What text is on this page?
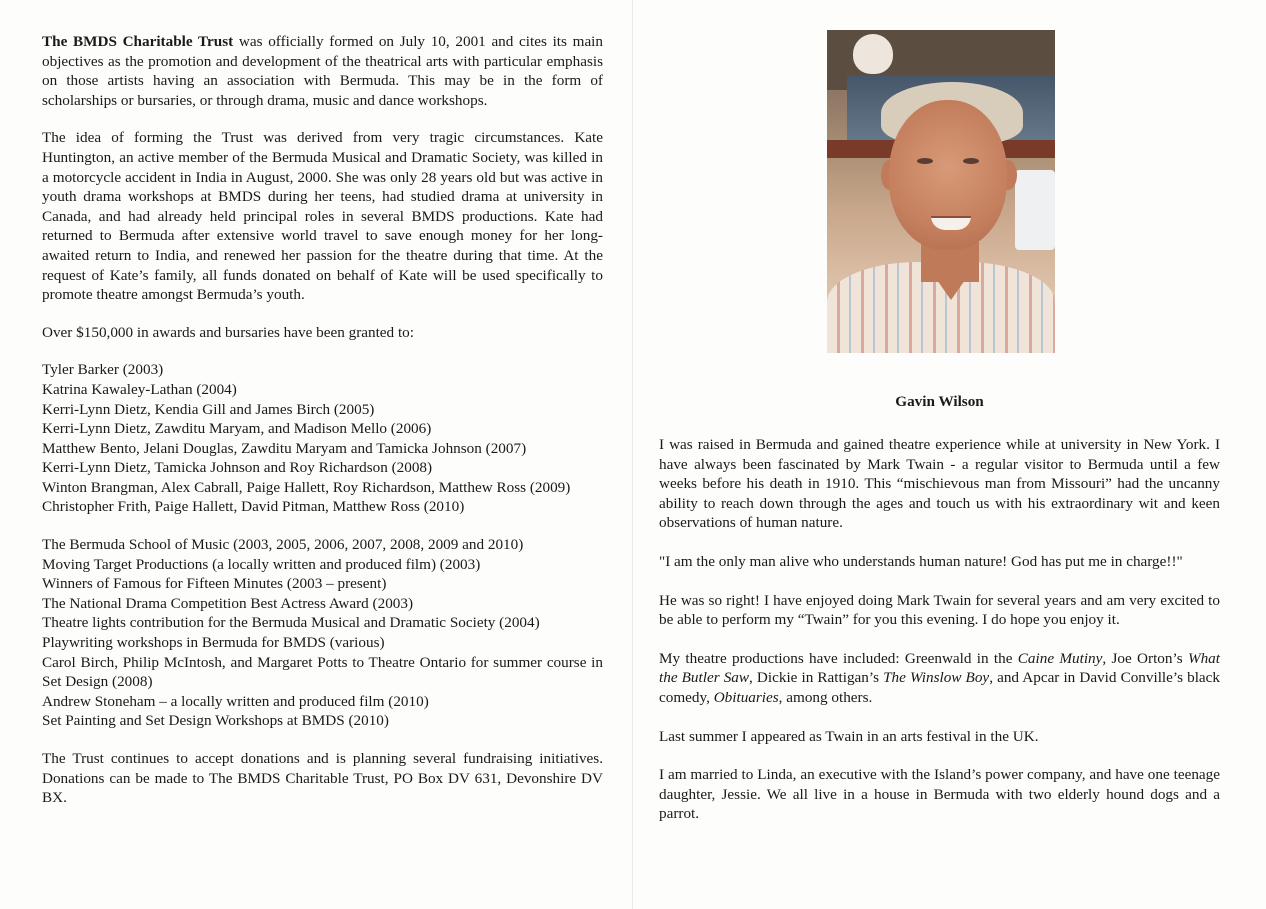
The BMDS Charitable Trust was officially formed on July 10, 2001 and cites its main objectives as the promotion and development of the theatrical arts with particular emphasis on those artists having an association with Bermuda. This may be in the form of scholarships or bursaries, or through drama, music and dance workshops.

The idea of forming the Trust was derived from very tragic circumstances. Kate Huntington, an active member of the Bermuda Musical and Dramatic Society, was killed in a motorcycle accident in India in August, 2000. She was only 28 years old but was active in youth drama workshops at BMDS during her teens, had studied drama at university in Canada, and had already held principal roles in several BMDS productions. Kate had returned to Bermuda after extensive world travel to save enough money for her long-awaited return to India, and renewed her passion for the theatre during that time. At the request of Kate’s family, all funds donated on behalf of Kate will be used specifically to promote theatre amongst Bermuda’s youth.

Over $150,000 in awards and bursaries have been granted to:

Tyler Barker (2003)
Katrina Kawaley-Lathan (2004)
Kerri-Lynn Dietz, Kendia Gill and James Birch (2005)
Kerri-Lynn Dietz, Zawditu Maryam, and Madison Mello (2006)
Matthew Bento, Jelani Douglas, Zawditu Maryam and Tamicka Johnson (2007)
Kerri-Lynn Dietz, Tamicka Johnson and Roy Richardson (2008)
Winton Brangman, Alex Cabrall, Paige Hallett, Roy Richardson, Matthew Ross (2009)
Christopher Frith, Paige Hallett, David Pitman, Matthew Ross (2010)
The Bermuda School of Music (2003, 2005, 2006, 2007, 2008, 2009 and 2010)
Moving Target Productions (a locally written and produced film) (2003)
Winners of Famous for Fifteen Minutes (2003 – present)
The National Drama Competition Best Actress Award (2003)
Theatre lights contribution for the Bermuda Musical and Dramatic Society (2004)
Playwriting workshops in Bermuda for BMDS (various)
Carol Birch, Philip McIntosh, and Margaret Potts to Theatre Ontario for summer course in Set Design (2008)
Andrew Stoneham – a locally written and produced film (2010)
Set Painting and Set Design Workshops at BMDS (2010)

The Trust continues to accept donations and is planning several fundraising initiatives. Donations can be made to The BMDS Charitable Trust, PO Box DV 631, Devonshire DV BX.

Gavin Wilson

I was raised in Bermuda and gained theatre experience while at university in New York. I have always been fascinated by Mark Twain - a regular visitor to Bermuda until a few weeks before his death in 1910. This “mischievous man from Missouri” had the uncanny ability to reach down through the ages and touch us with his extraordinary wit and keen observations of human nature.

"I am the only man alive who understands human nature! God has put me in charge!!"

He was so right! I have enjoyed doing Mark Twain for several years and am very excited to be able to perform my “Twain” for you this evening. I do hope you enjoy it.

My theatre productions have included: Greenwald in the Caine Mutiny, Joe Orton’s What the Butler Saw, Dickie in Rattigan’s The Winslow Boy, and Apcar in David Conville’s black comedy, Obituaries, among others.

Last summer I appeared as Twain in an arts festival in the UK.

I am married to Linda, an executive with the Island’s power company, and have one teenage daughter, Jessie. We all live in a house in Bermuda with two elderly hound dogs and a parrot.
